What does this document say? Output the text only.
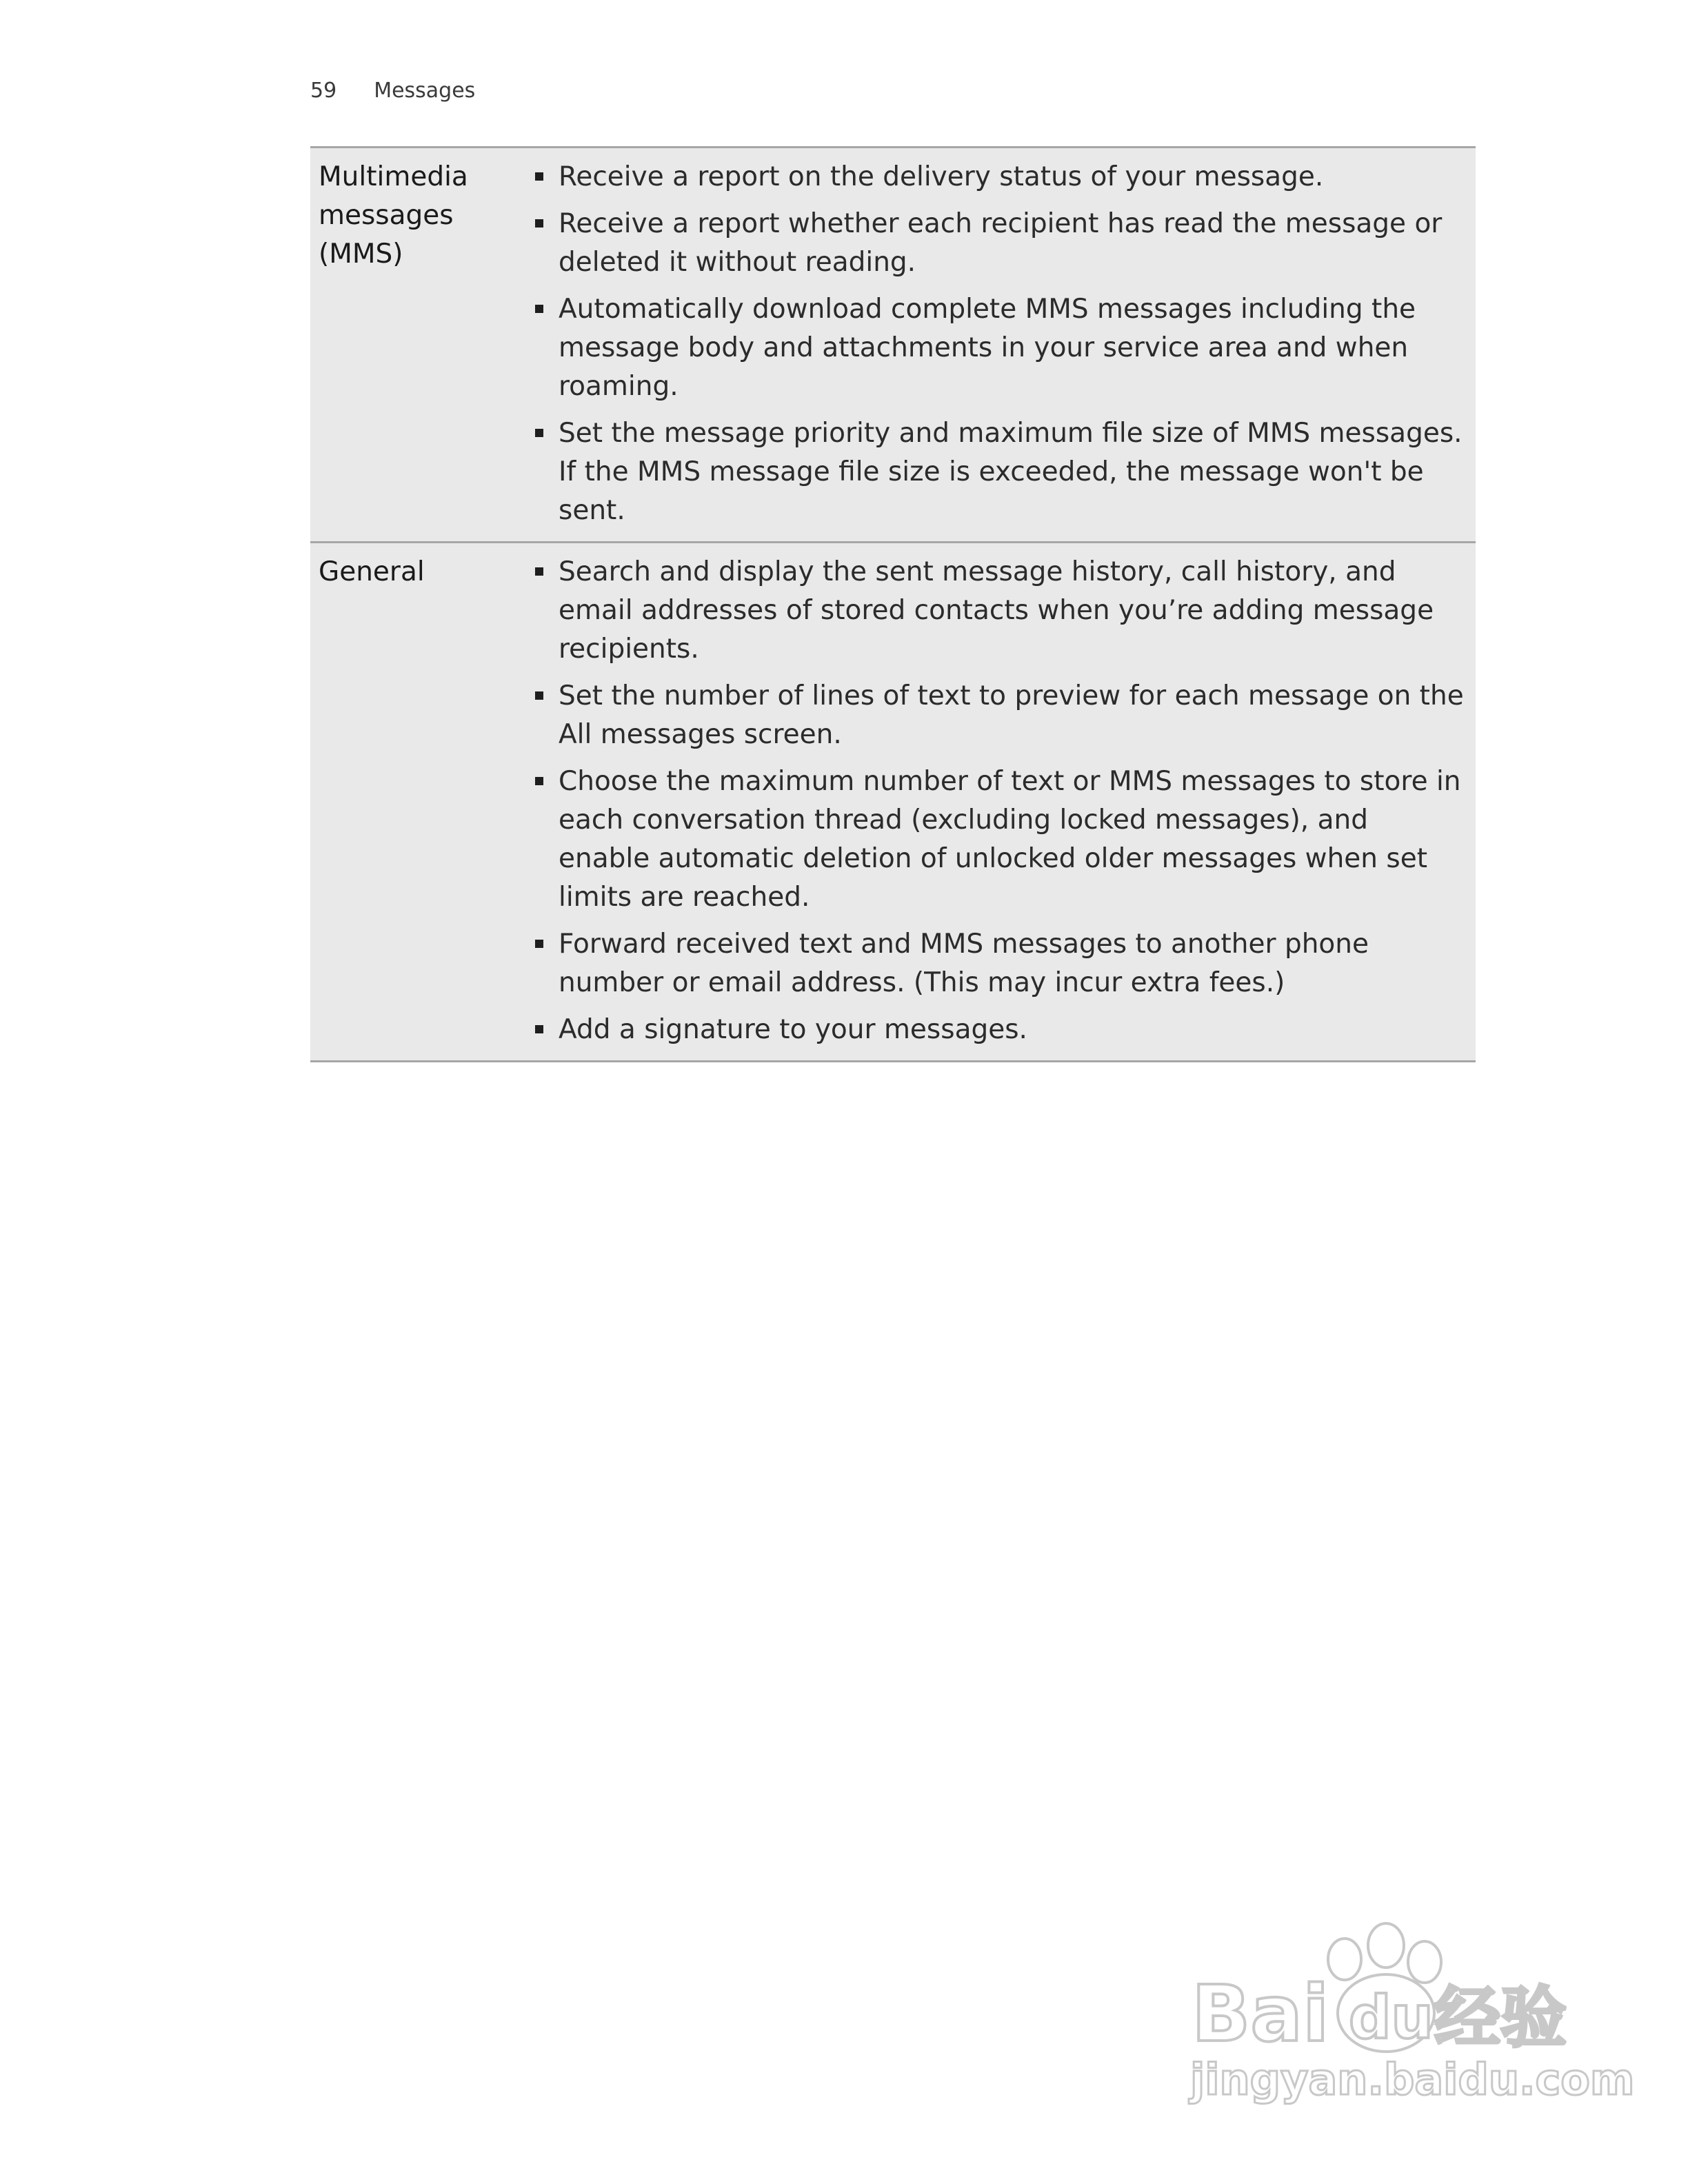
59 Messages
Multimedia messages (MMS)
Receive a report on the delivery status of your message.
Receive a report whether each recipient has read the message or deleted it without reading.
Automatically download complete MMS messages including the message body and attachments in your service area and when roaming.
Set the message priority and maximum file size of MMS messages. If the MMS message file size is exceeded, the message won't be sent.
General	Search and display the sent message history, call history, and email addresses of stored contacts when you’re adding message recipients.
Set the number of lines of text to preview for each message on the All messages screen.
Choose the maximum number of text or MMS messages to store in each conversation thread (excluding locked messages), and enable automatic deletion of unlocked older messages when set limits are reached.
Forward received text and MMS messages to another phone number or email address. (This may incur extra fees.)
Add a signature to your messages.
Bai du 经验
jingyan.baidu.com
